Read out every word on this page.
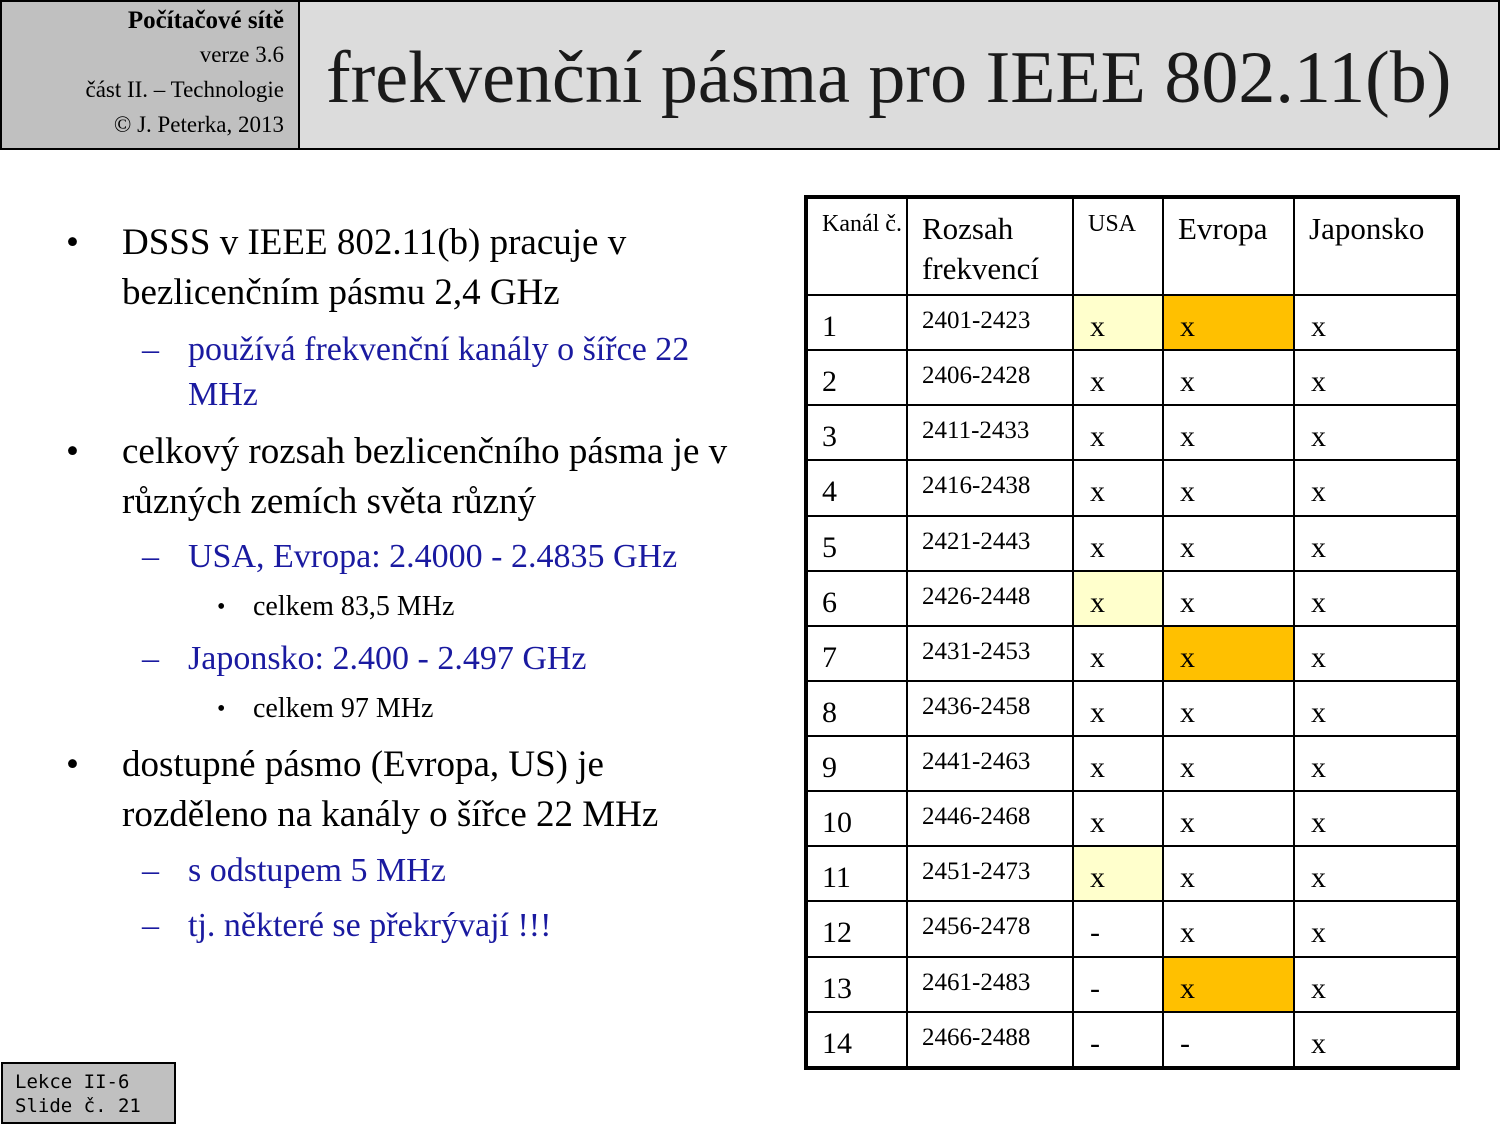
Počítačové sítě
verze 3.6
část II. – Technologie
© J. Peterka, 2013
frekvenční pásma pro IEEE 802.11(b)
• DSSS v IEEE 802.11(b) pracuje v bezlicenčním pásmu 2,4 GHz
– používá frekvenční kanály o šířce 22 MHz
• celkový rozsah bezlicenčního pásma je v různých zemích světa různý
– USA, Evropa: 2.4000 - 2.4835 GHz
• celkem 83,5 MHz
– Japonsko: 2.400 - 2.497 GHz
• celkem 97 MHz
• dostupné pásmo (Evropa, US) je rozděleno na kanály o šířce 22 MHz
– s odstupem 5 MHz
– tj. některé se překrývají !!!
Kanál č.	Rozsah frekvencí	USA	Evropa	Japonsko
1	2401-2423	x	x	x
2	2406-2428	x	x	x
3	2411-2433	x	x	x
4	2416-2438	x	x	x
5	2421-2443	x	x	x
6	2426-2448	x	x	x
7	2431-2453	x	x	x
8	2436-2458	x	x	x
9	2441-2463	x	x	x
10	2446-2468	x	x	x
11	2451-2473	x	x	x
12	2456-2478	-	x	x
13	2461-2483	-	x	x
14	2466-2488	-	-	x
Lekce II-6
Slide č. 21
